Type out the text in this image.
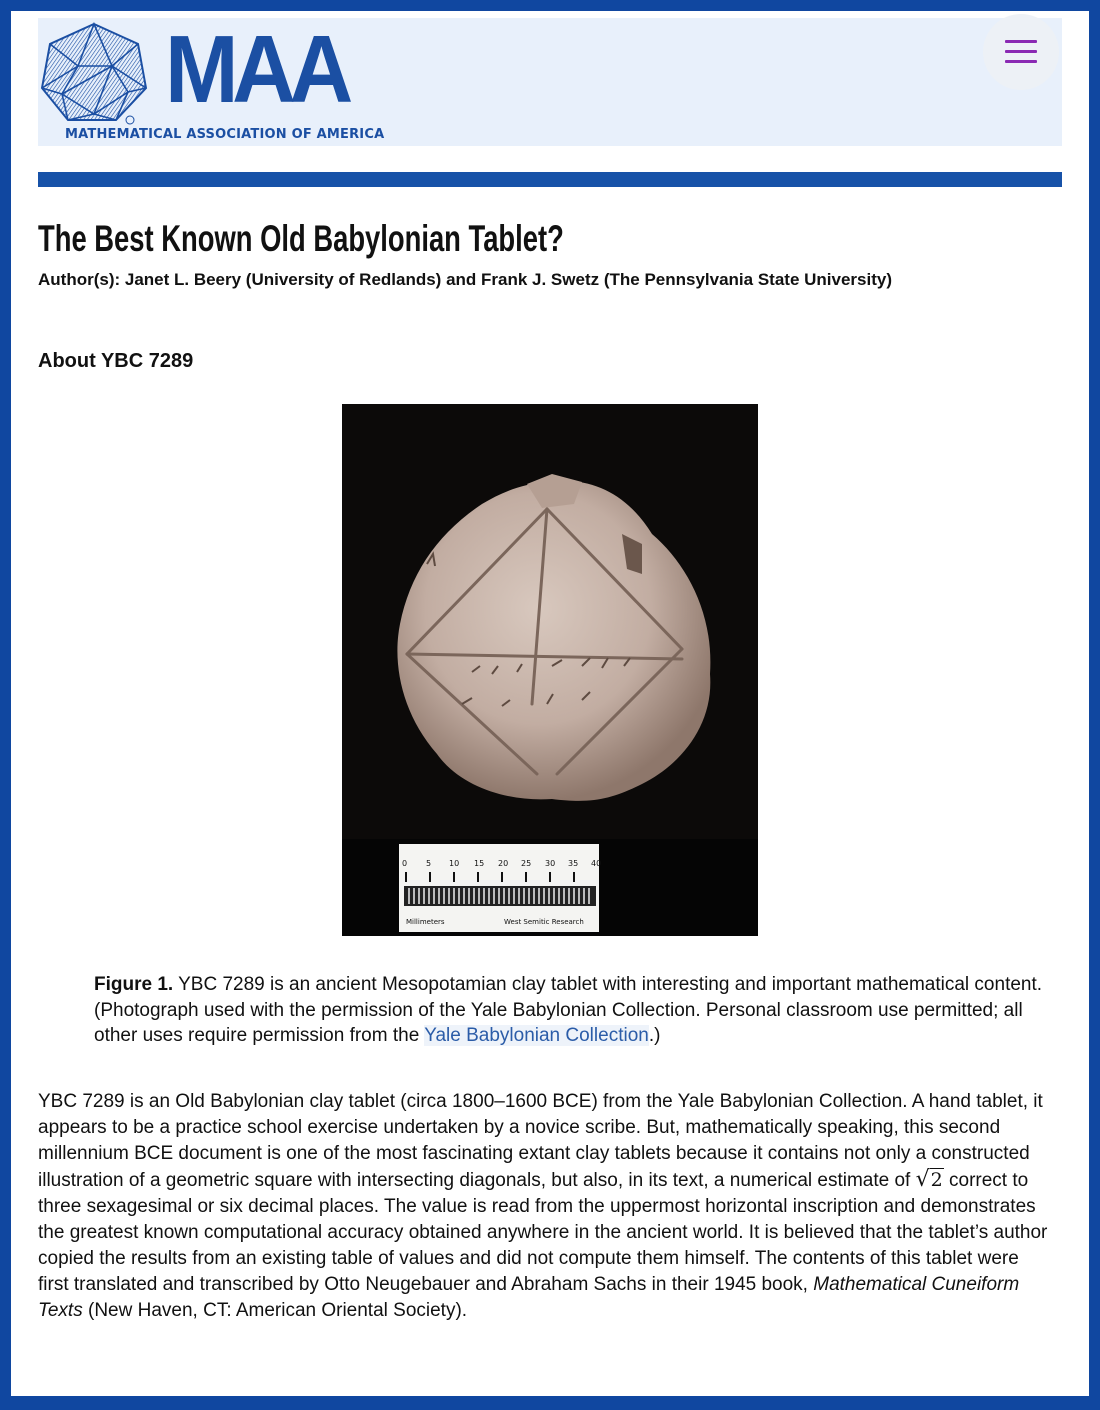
MAA
MATHEMATICAL ASSOCIATION OF AMERICA
The Best Known Old Babylonian Tablet?
Author(s): Janet L. Beery (University of Redlands) and Frank J. Swetz (The Pennsylvania State University)
About YBC 7289
0 5 10 15 20 25 30 35 40
Millimeters	West Semitic Research
Figure 1. YBC 7289 is an ancient Mesopotamian clay tablet with interesting and important mathematical content. (Photograph used with the permission of the Yale Babylonian Collection. Personal classroom use permitted; all other uses require permission from the Yale Babylonian Collection.)
YBC 7289 is an Old Babylonian clay tablet (circa 1800–1600 BCE) from the Yale Babylonian Collection. A hand tablet, it appears to be a practice school exercise undertaken by a novice scribe. But, mathematically speaking, this second millennium BCE document is one of the most fascinating extant clay tablets because it contains not only a constructed illustration of a geometric square with intersecting diagonals, but also, in its text, a numerical estimate of √2 correct to three sexagesimal or six decimal places. The value is read from the uppermost horizontal inscription and demonstrates the greatest known computational accuracy obtained anywhere in the ancient world. It is believed that the tablet’s author copied the results from an existing table of values and did not compute them himself. The contents of this tablet were first translated and transcribed by Otto Neugebauer and Abraham Sachs in their 1945 book, Mathematical Cuneiform Texts (New Haven, CT: American Oriental Society).
